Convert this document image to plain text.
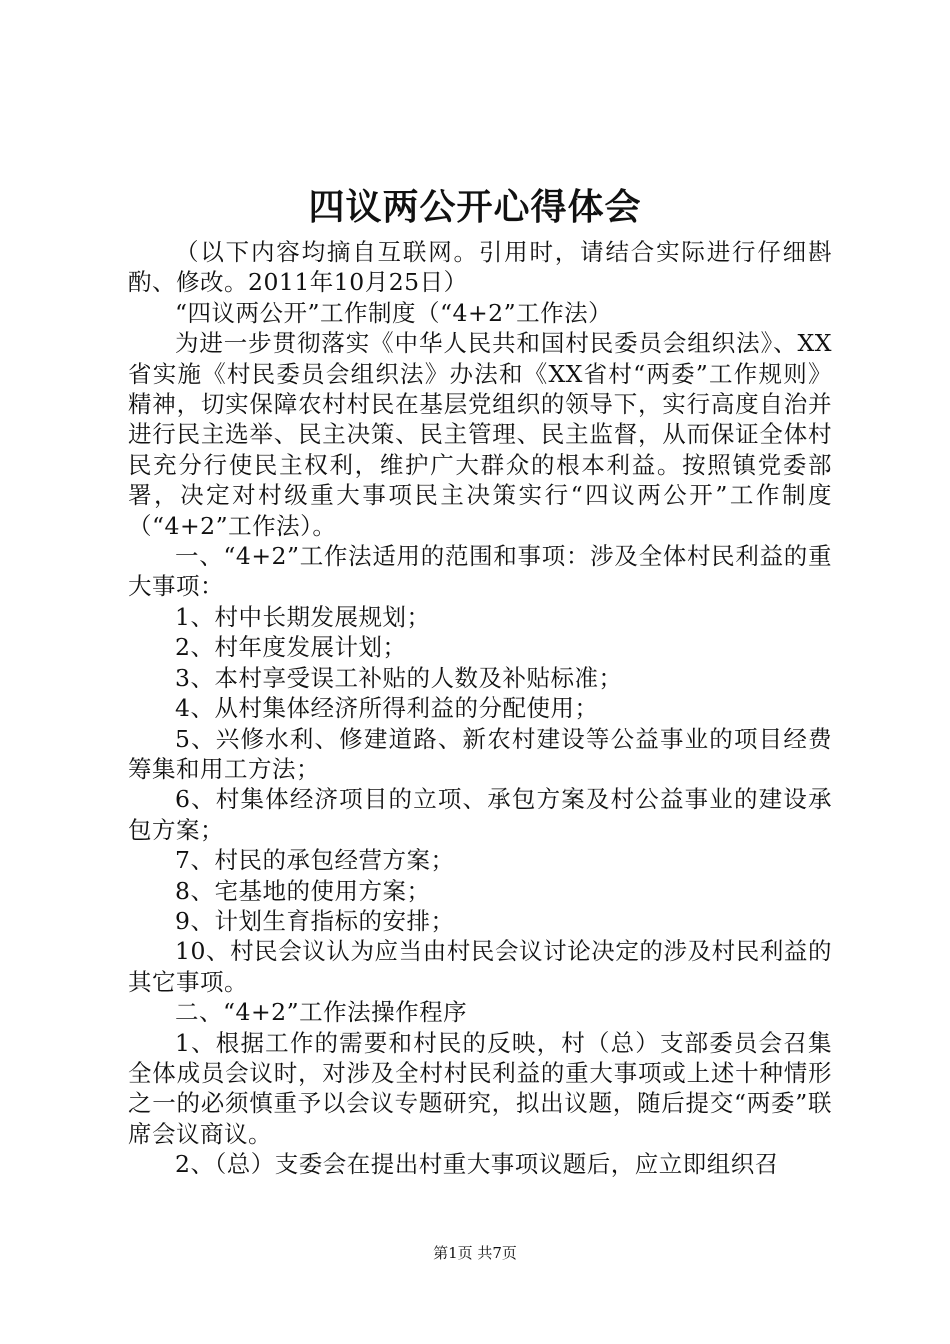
四议两公开心得体会

（以下内容均摘自互联网。引用时，请结合实际进行仔细斟酌、修改。2011年10月25日）

“四议两公开”工作制度（“4+2”工作法）

为进一步贯彻落实《中华人民共和国村民委员会组织法》、XX省实施《村民委员会组织法》办法和《XX省村“两委”工作规则》精神，切实保障农村村民在基层党组织的领导下，实行高度自治并进行民主选举、民主决策、民主管理、民主监督，从而保证全体村民充分行使民主权利，维护广大群众的根本利益。按照镇党委部署，决定对村级重大事项民主决策实行“四议两公开”工作制度（“4+2”工作法）。

一、“4+2”工作法适用的范围和事项：涉及全体村民利益的重大事项：

1、村中长期发展规划；

2、村年度发展计划；

3、本村享受误工补贴的人数及补贴标准；

4、从村集体经济所得利益的分配使用；

5、兴修水利、修建道路、新农村建设等公益事业的项目经费筹集和用工方法；

6、村集体经济项目的立项、承包方案及村公益事业的建设承包方案；

7、村民的承包经营方案；

8、宅基地的使用方案；

9、计划生育指标的安排；

10、村民会议认为应当由村民会议讨论决定的涉及村民利益的其它事项。

二、“4+2”工作法操作程序

1、根据工作的需要和村民的反映，村（总）支部委员会召集全体成员会议时，对涉及全村村民利益的重大事项或上述十种情形之一的必须慎重予以会议专题研究，拟出议题，随后提交“两委”联席会议商议。

2、（总）支委会在提出村重大事项议题后，应立即组织召

第1页 共7页
